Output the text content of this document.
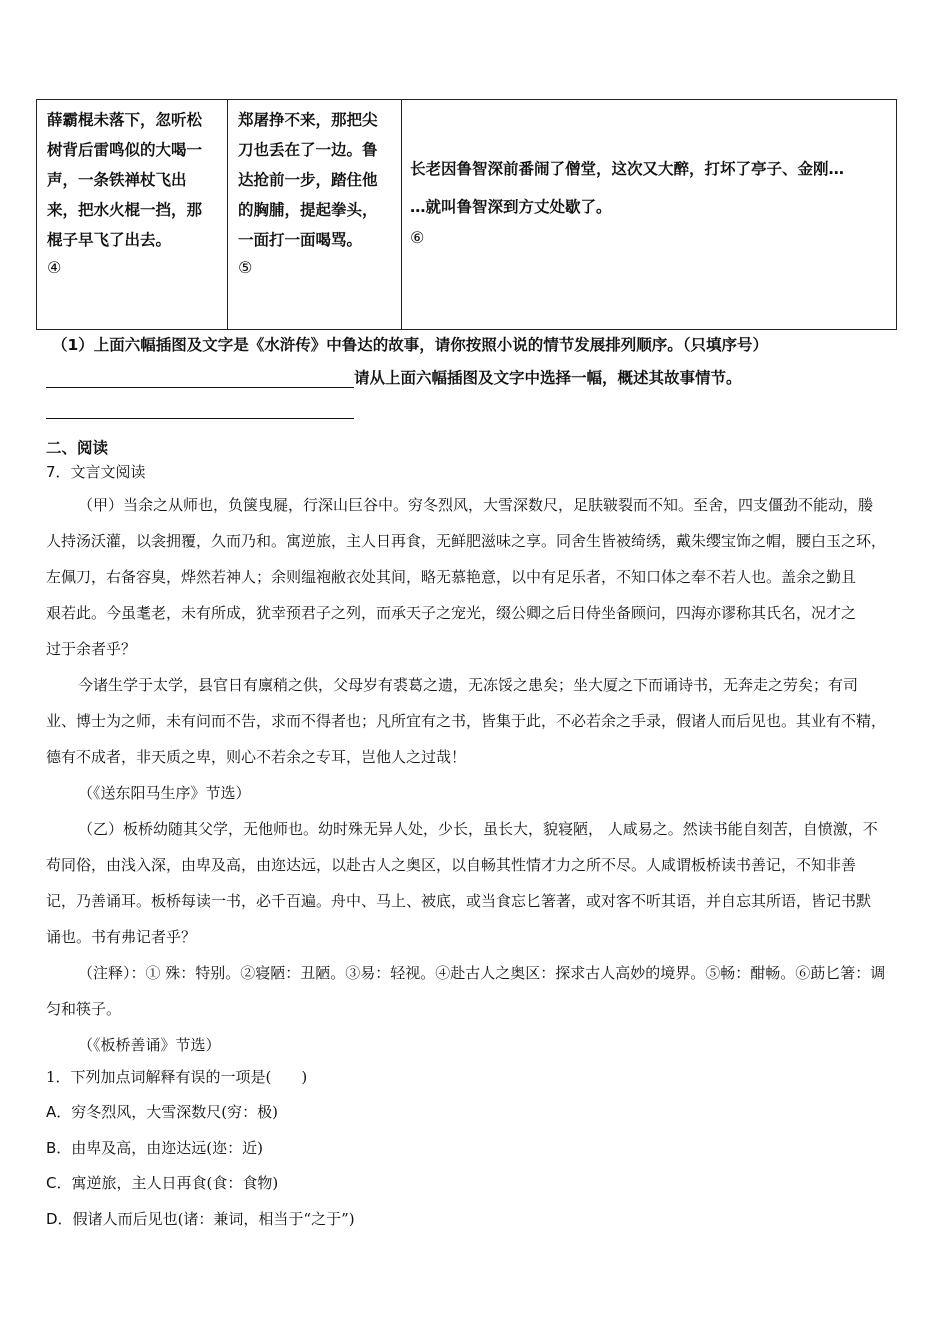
薛霸棍未落下，忽听松
树背后雷鸣似的大喝一
声，一条铁禅杖飞出
来，把水火棍一挡，那
棍子早飞了出去。
④

郑屠挣不来，那把尖
刀也丢在了一边。鲁
达抢前一步，踏住他
的胸脯，提起拳头，
一面打一面喝骂。
⑤

长老因鲁智深前番闹了僧堂，这次又大醉，打坏了亭子、金刚…
…就叫鲁智深到方丈处歇了。
⑥
（1）上面六幅插图及文字是《水浒传》中鲁达的故事，请你按照小说的情节发展排列顺序。（只填序号）
请从上面六幅插图及文字中选择一幅，概述其故事情节。
二、阅读
7．文言文阅读
（甲）当余之从师也，负箧曳屣，行深山巨谷中。穷冬烈风，大雪深数尺，足肤皲裂而不知。至舍，四支僵劲不能动，媵
人持汤沃灌，以衾拥覆，久而乃和。寓逆旅，主人日再食，无鲜肥滋味之享。同舍生皆被绮绣，戴朱缨宝饰之帽，腰白玉之环，
左佩刀，右备容臭，烨然若神人；余则缊袍敝衣处其间，略无慕艳意，以中有足乐者，不知口体之奉不若人也。盖余之勤且
艰若此。今虽耄老，未有所成，犹幸预君子之列，而承天子之宠光，缀公卿之后日侍坐备顾问，四海亦谬称其氏名，况才之
过于余者乎？
今诸生学于太学，县官日有廪稍之供，父母岁有裘葛之遗，无冻馁之患矣；坐大厦之下而诵诗书，无奔走之劳矣；有司
业、博士为之师，未有问而不告，求而不得者也；凡所宜有之书，皆集于此，不必若余之手录，假诸人而后见也。其业有不精，
德有不成者，非天质之卑，则心不若余之专耳，岂他人之过哉！
（《送东阳马生序》节选）
（乙）板桥幼随其父学，无他师也。幼时殊无异人处，少长，虽长大，貌寝陋， 人咸易之。然读书能自刻苦，自愤激，不
苟同俗，由浅入深，由卑及高，由迩达远，以赴古人之奥区，以自畅其性情才力之所不尽。人咸谓板桥读书善记，不知非善
记，乃善诵耳。板桥每读一书，必千百遍。舟中、马上、被底，或当食忘匕箸著，或对客不听其语，并自忘其所语，皆记书默
诵也。书有弗记者乎？
（注释）：① 殊：特别。②寝陋：丑陋。③易：轻视。④赴古人之奥区：探求古人高妙的境界。⑤畅：酣畅。⑥莇匕箸：调
匀和筷子。
（《板桥善诵》节选）
1．下列加点词解释有误的一项是(　　)
A．穷冬烈风，大雪深数尺(穷：极)
B．由卑及高，由迩达远(迩：近)
C．寓逆旅，主人日再食(食：食物)
D．假诸人而后见也(诸：兼词，相当于“之于”)
